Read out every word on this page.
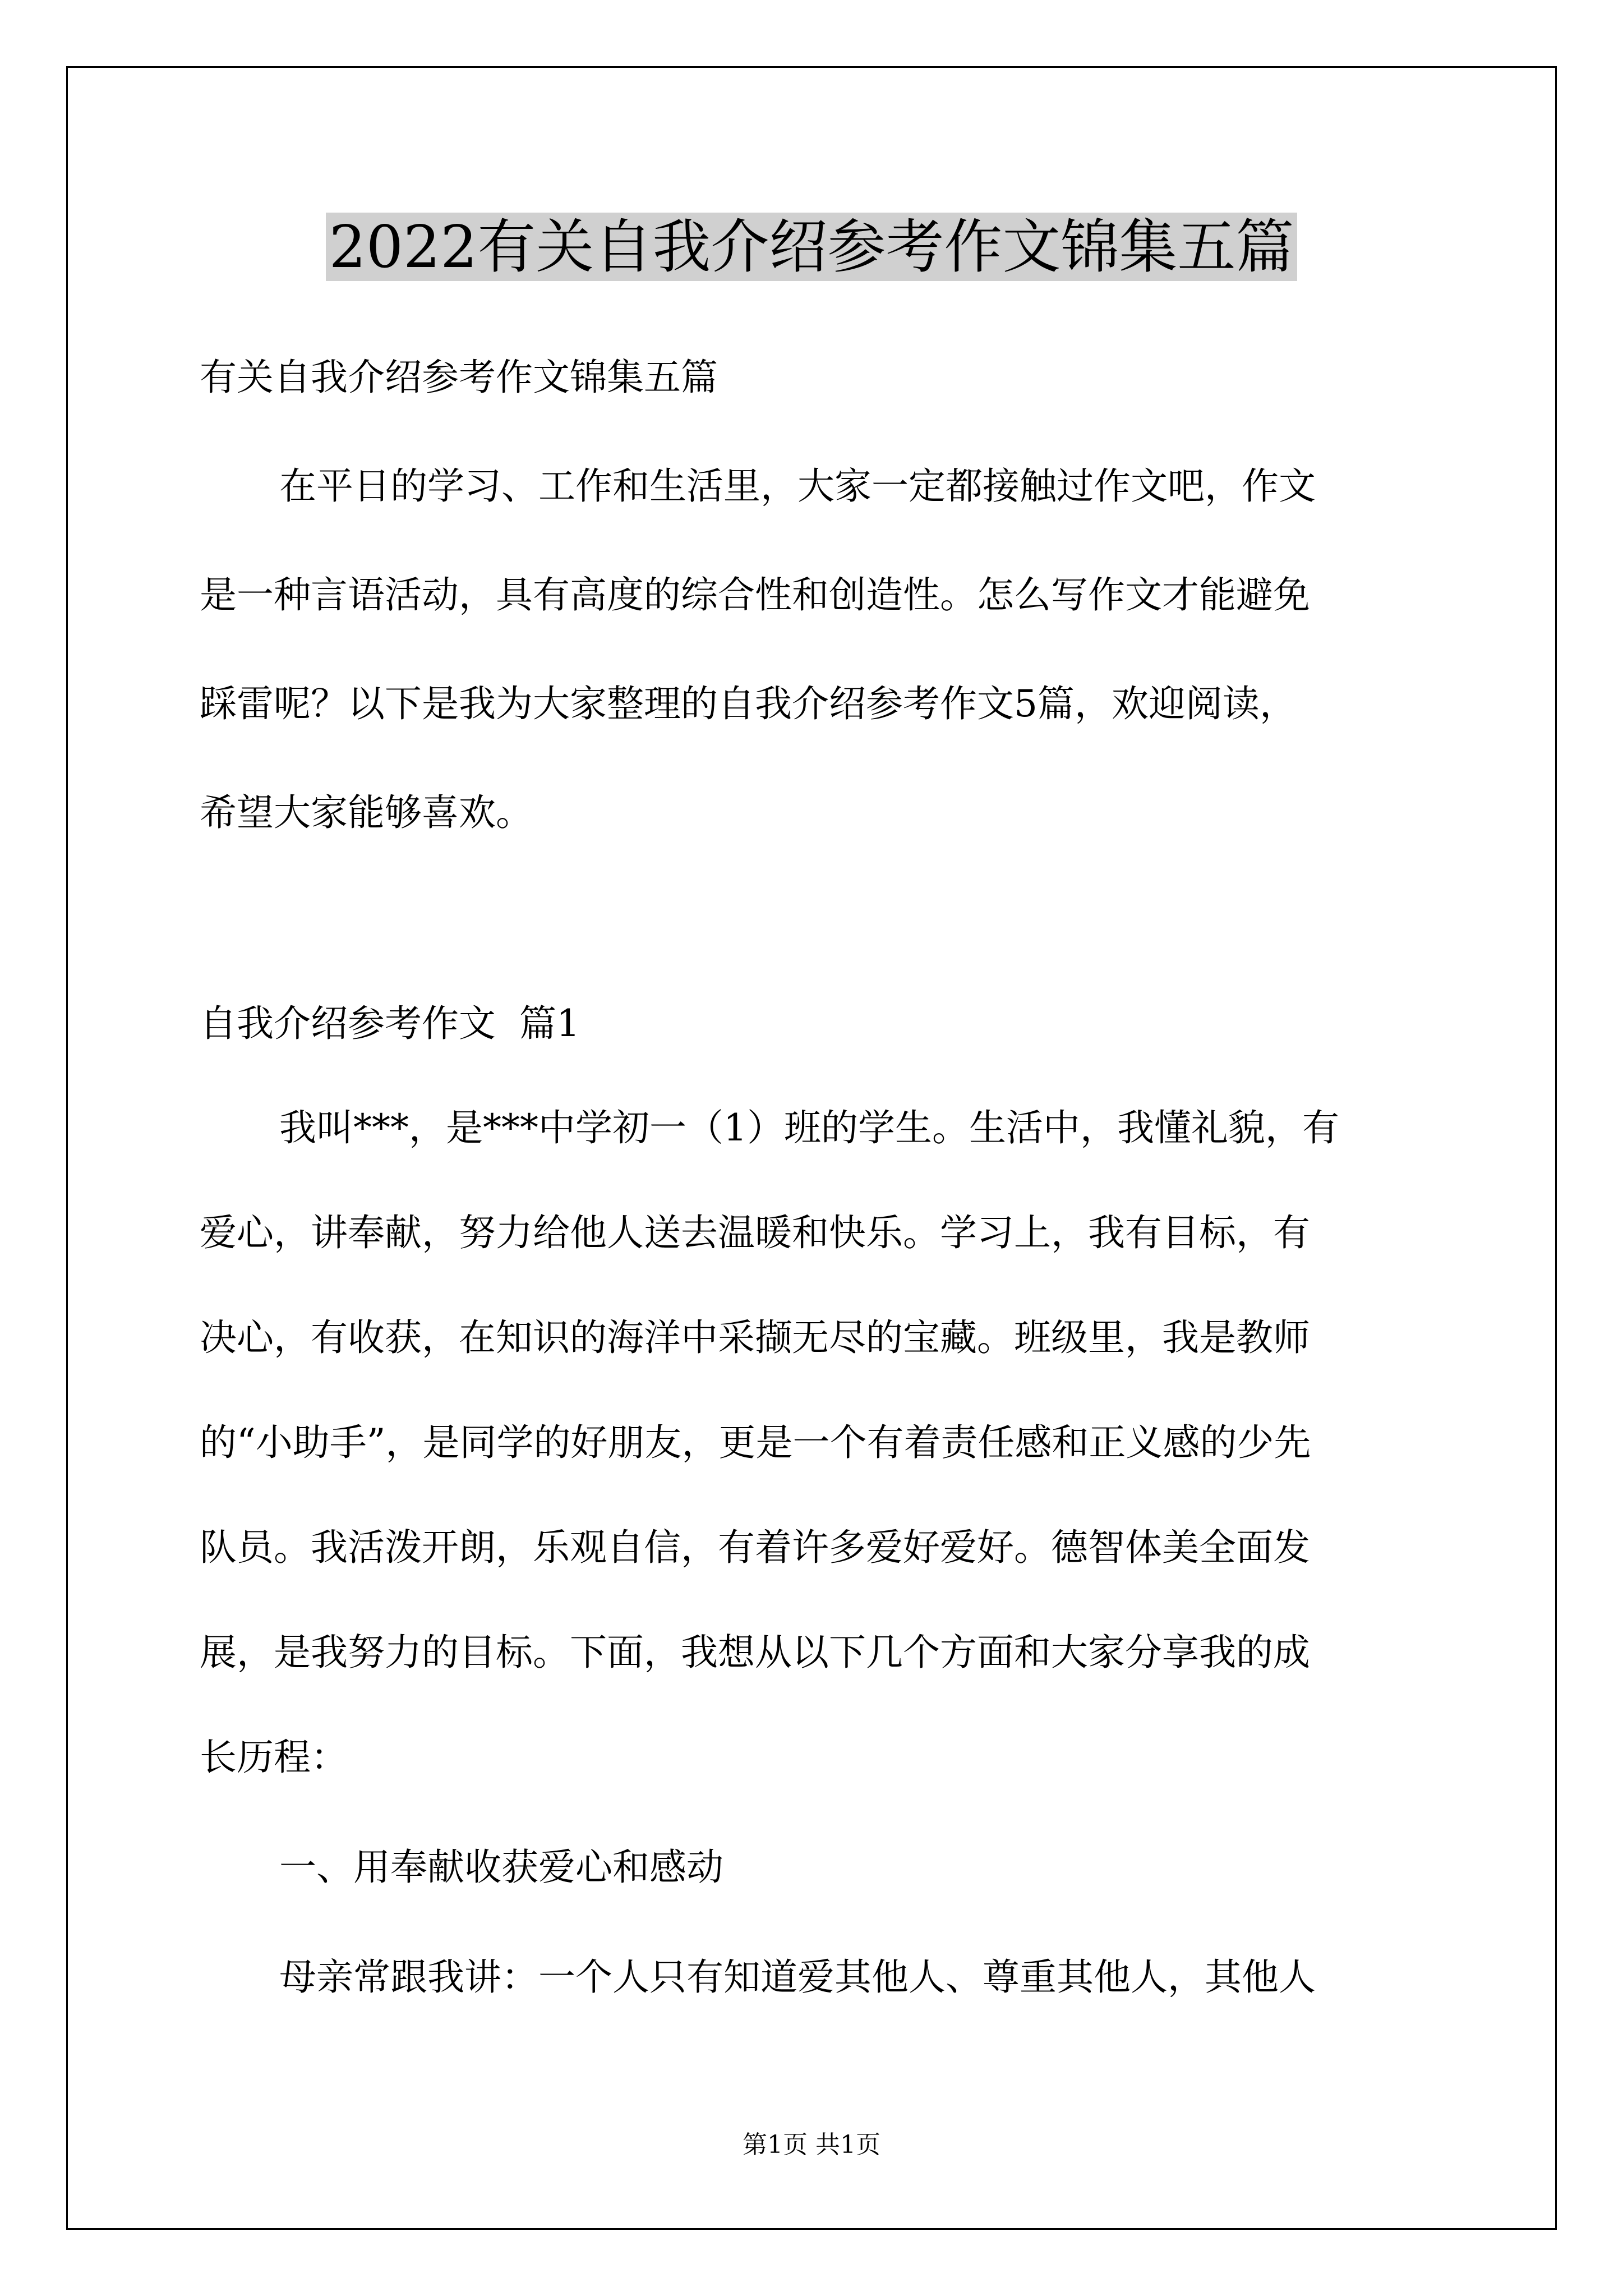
2022有关自我介绍参考作文锦集五篇
有关自我介绍参考作文锦集五篇
在平日的学习、工作和生活里，大家一定都接触过作文吧，作文
是一种言语活动，具有高度的综合性和创造性。怎么写作文才能避免
踩雷呢？以下是我为大家整理的自我介绍参考作文5篇，欢迎阅读，
希望大家能够喜欢。
自我介绍参考作文  篇1
我叫***，是***中学初一（1）班的学生。生活中，我懂礼貌，有
爱心，讲奉献，努力给他人送去温暖和快乐。学习上，我有目标，有
决心，有收获，在知识的海洋中采撷无尽的宝藏。班级里，我是教师
的“小助手”，是同学的好朋友，更是一个有着责任感和正义感的少先
队员。我活泼开朗，乐观自信，有着许多爱好爱好。德智体美全面发
展，是我努力的目标。下面，我想从以下几个方面和大家分享我的成
长历程：
一、用奉献收获爱心和感动
母亲常跟我讲：一个人只有知道爱其他人、尊重其他人，其他人
第1页 共1页
